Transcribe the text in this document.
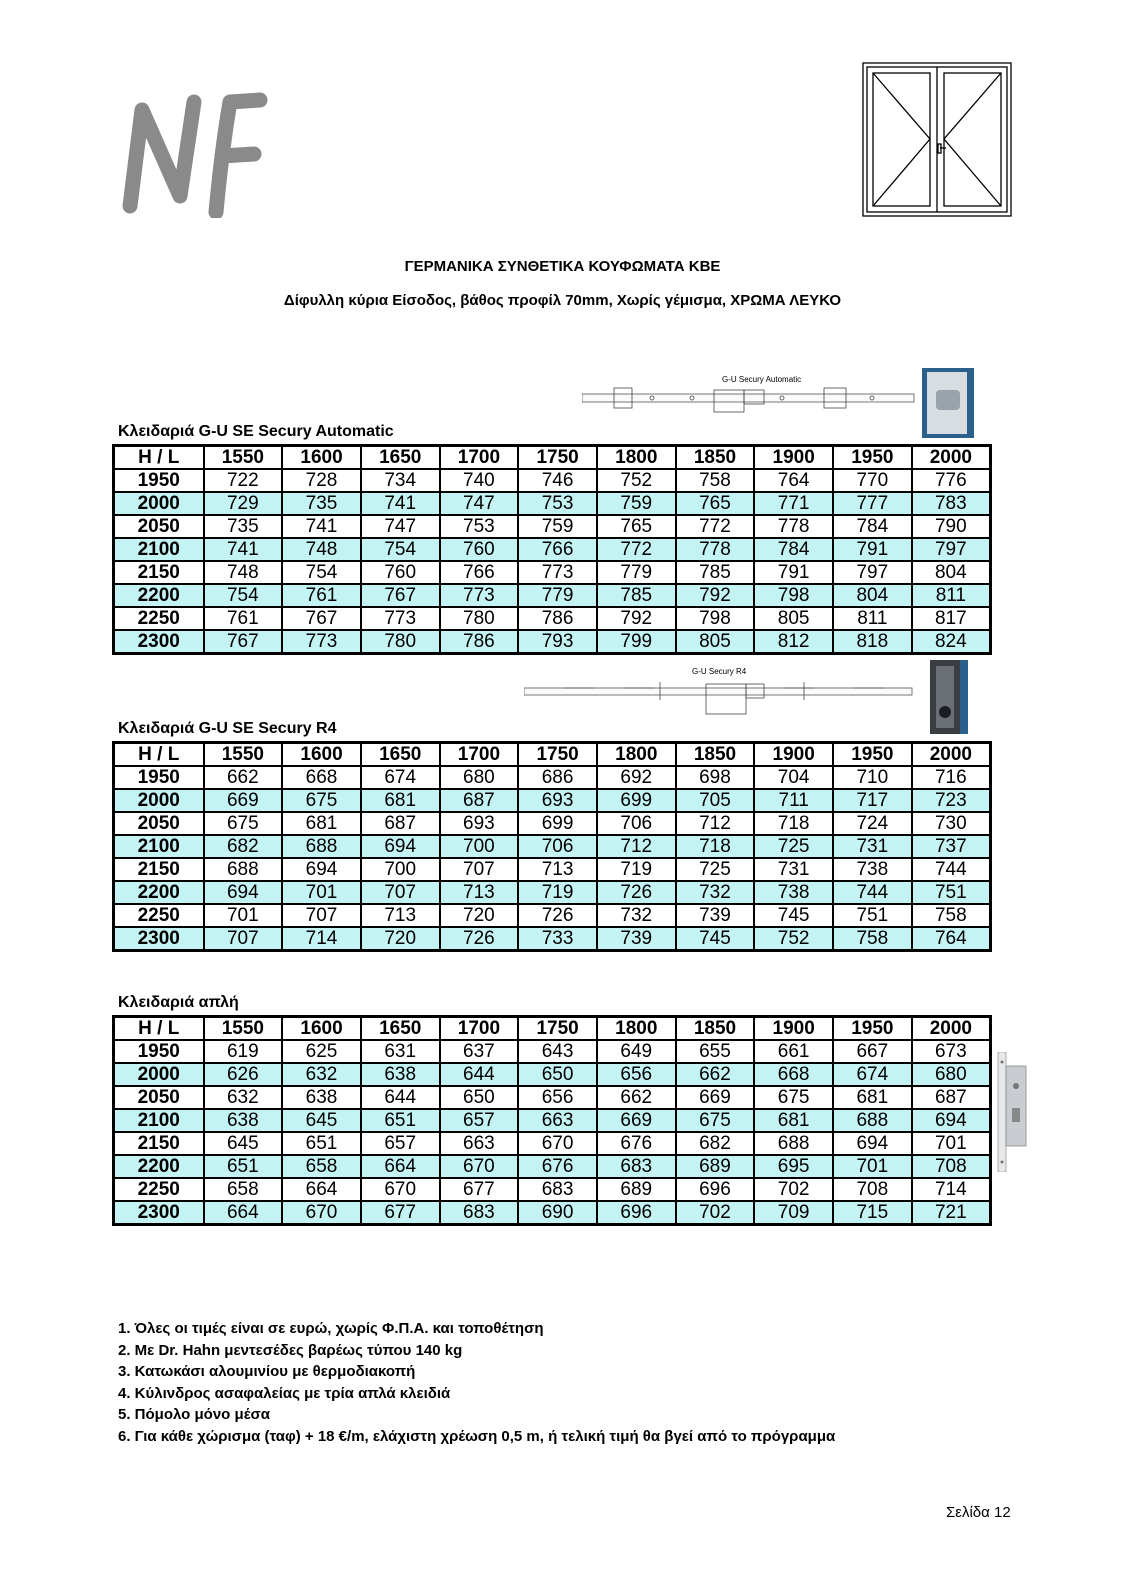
ΓΕΡΜΑΝΙΚΑ ΣΥΝΘΕΤΙΚΑ ΚΟΥΦΩΜΑΤΑ ΚΒΕ
Δίφυλλη κύρια Είσοδος, βάθος προφίλ 70mm, Χωρίς γέμισμα, ΧΡΩΜΑ ΛΕΥΚΟ
G-U Secury Automatic
Κλειδαριά G-U SE Secury Automatic
H / L	1550	1600	1650	1700	1750	1800	1850	1900	1950	2000
1950	722	728	734	740	746	752	758	764	770	776
2000	729	735	741	747	753	759	765	771	777	783
2050	735	741	747	753	759	765	772	778	784	790
2100	741	748	754	760	766	772	778	784	791	797
2150	748	754	760	766	773	779	785	791	797	804
2200	754	761	767	773	779	785	792	798	804	811
2250	761	767	773	780	786	792	798	805	811	817
2300	767	773	780	786	793	799	805	812	818	824
G-U Secury R4
Κλειδαριά G-U SE Secury R4
H / L	1550	1600	1650	1700	1750	1800	1850	1900	1950	2000
1950	662	668	674	680	686	692	698	704	710	716
2000	669	675	681	687	693	699	705	711	717	723
2050	675	681	687	693	699	706	712	718	724	730
2100	682	688	694	700	706	712	718	725	731	737
2150	688	694	700	707	713	719	725	731	738	744
2200	694	701	707	713	719	726	732	738	744	751
2250	701	707	713	720	726	732	739	745	751	758
2300	707	714	720	726	733	739	745	752	758	764
Κλειδαριά απλή
H / L	1550	1600	1650	1700	1750	1800	1850	1900	1950	2000
1950	619	625	631	637	643	649	655	661	667	673
2000	626	632	638	644	650	656	662	668	674	680
2050	632	638	644	650	656	662	669	675	681	687
2100	638	645	651	657	663	669	675	681	688	694
2150	645	651	657	663	670	676	682	688	694	701
2200	651	658	664	670	676	683	689	695	701	708
2250	658	664	670	677	683	689	696	702	708	714
2300	664	670	677	683	690	696	702	709	715	721
1. Όλες οι τιμές είναι σε ευρώ, χωρίς Φ.Π.Α. και τοποθέτηση
2. Με Dr. Hahn μεντεσέδες βαρέως τύπου 140 kg
3. Κατωκάσι αλουμινίου με θερμοδιακοπή
4. Κύλινδρος ασαφαλείας με τρία απλά κλειδιά
5. Πόμολο μόνο μέσα
6. Για κάθε χώρισμα (ταφ) + 18 €/m, ελάχιστη χρέωση 0,5 m, ή τελική τιμή θα βγεί από το πρόγραμμα
Σελίδα 12
